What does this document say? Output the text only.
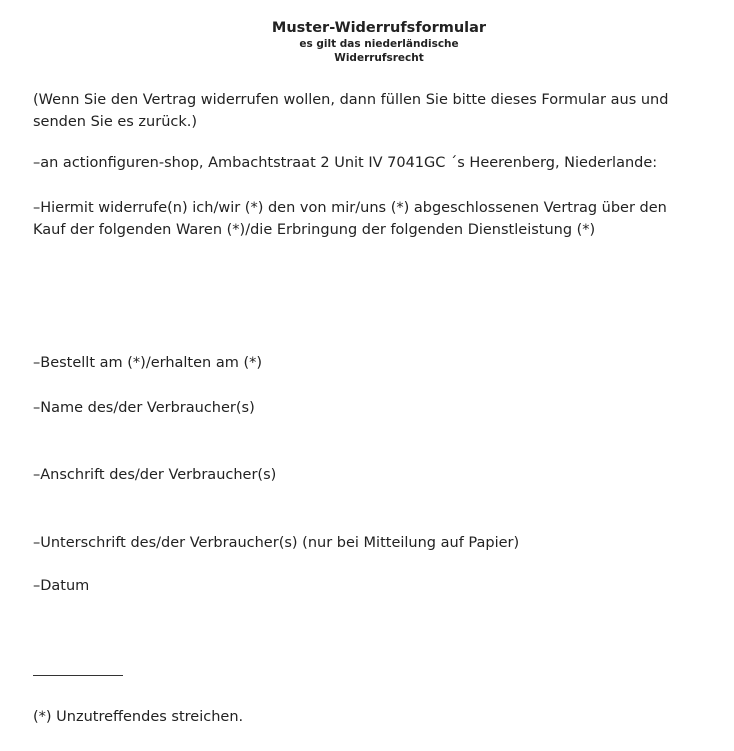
Muster-Widerrufsformular
es gilt das niederländische
Widerrufsrecht
(Wenn Sie den Vertrag widerrufen wollen, dann füllen Sie bitte dieses Formular aus und senden Sie es zurück.)
–an actionfiguren-shop, Ambachtstraat 2 Unit IV 7041GC ´s Heerenberg, Niederlande:
–Hiermit widerrufe(n) ich/wir (*) den von mir/uns (*) abgeschlossenen Vertrag über den Kauf der folgenden Waren (*)/die Erbringung der folgenden Dienstleistung (*)
–Bestellt am (*)/erhalten am (*)
–Name des/der Verbraucher(s)
–Anschrift des/der Verbraucher(s)
–Unterschrift des/der Verbraucher(s) (nur bei Mitteilung auf Papier)
–Datum
(*) Unzutreffendes streichen.
